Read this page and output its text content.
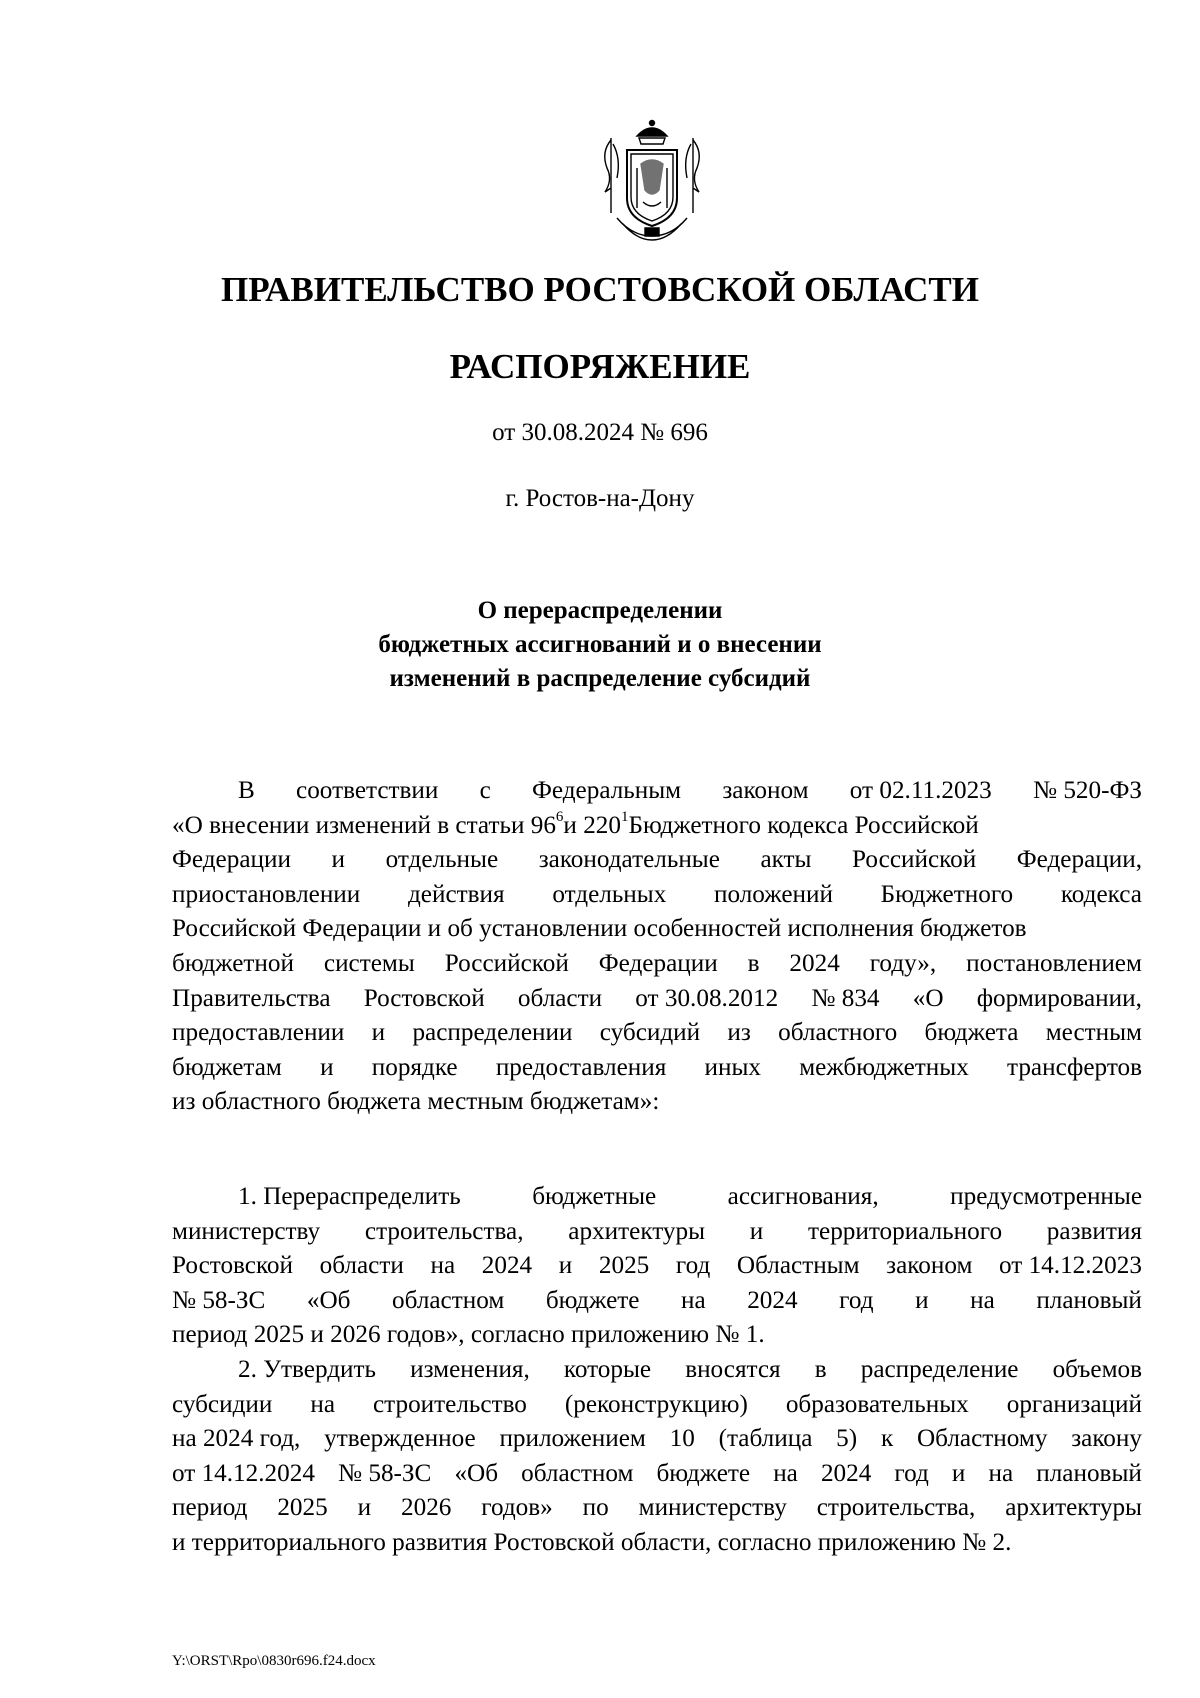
ПРАВИТЕЛЬСТВО РОСТОВСКОЙ ОБЛАСТИ
РАСПОРЯЖЕНИЕ
от 30.08.2024 № 696
г. Ростов-на-Дону
О перераспределении
бюджетных ассигнований и о внесении
изменений в распределение субсидий
В соответствии с Федеральным законом от 02.11.2023 № 520-ФЗ
«О внесении изменений в статьи $96^6и$ $220^1Бюджетного$ кодекса Российской
Федерации и отдельные законодательные акты Российской Федерации,
приостановлении действия отдельных положений Бюджетного кодекса
Российской Федерации и об установлении особенностей исполнения бюджетов
бюджетной системы Российской Федерации в 2024 году», постановлением
Правительства Ростовской области от 30.08.2012 № 834 «О формировании,
предоставлении и распределении субсидий из областного бюджета местным
бюджетам и порядке предоставления иных межбюджетных трансфертов
из областного бюджета местным бюджетам»:
1. Перераспределить	бюджетные	ассигнования,	предусмотренные
министерству строительства, архитектуры и территориального развития
Ростовской области на 2024 и 2025 год Областным законом от 14.12.2023
№ 58-ЗС «Об областном бюджете на 2024 год и на плановый
период 2025 и 2026 годов», согласно приложению № 1.
2. Утвердить изменения, которые вносятся в распределение объемов
субсидии на строительство (реконструкцию) образовательных организаций
на 2024 год, утвержденное приложением 10 (таблица 5) к Областному закону
от 14.12.2024 № 58-ЗС «Об областном бюджете на 2024 год и на плановый
период 2025 и 2026 годов» по министерству строительства, архитектуры
и территориального развития Ростовской области, согласно приложению № 2.
Y:\ORST\Rpo\0830r696.f24.docx
